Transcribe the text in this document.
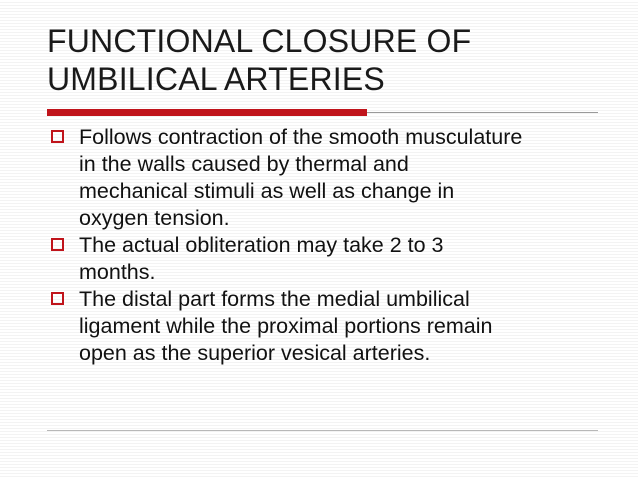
FUNCTIONAL CLOSURE OF
UMBILICAL ARTERIES
Follows contraction of the smooth musculature
in the walls caused by thermal and
mechanical stimuli as well as change in
oxygen tension.
The actual obliteration may take 2 to 3
months.
The distal part forms the medial umbilical
ligament while the proximal portions remain
open as the superior vesical arteries.
